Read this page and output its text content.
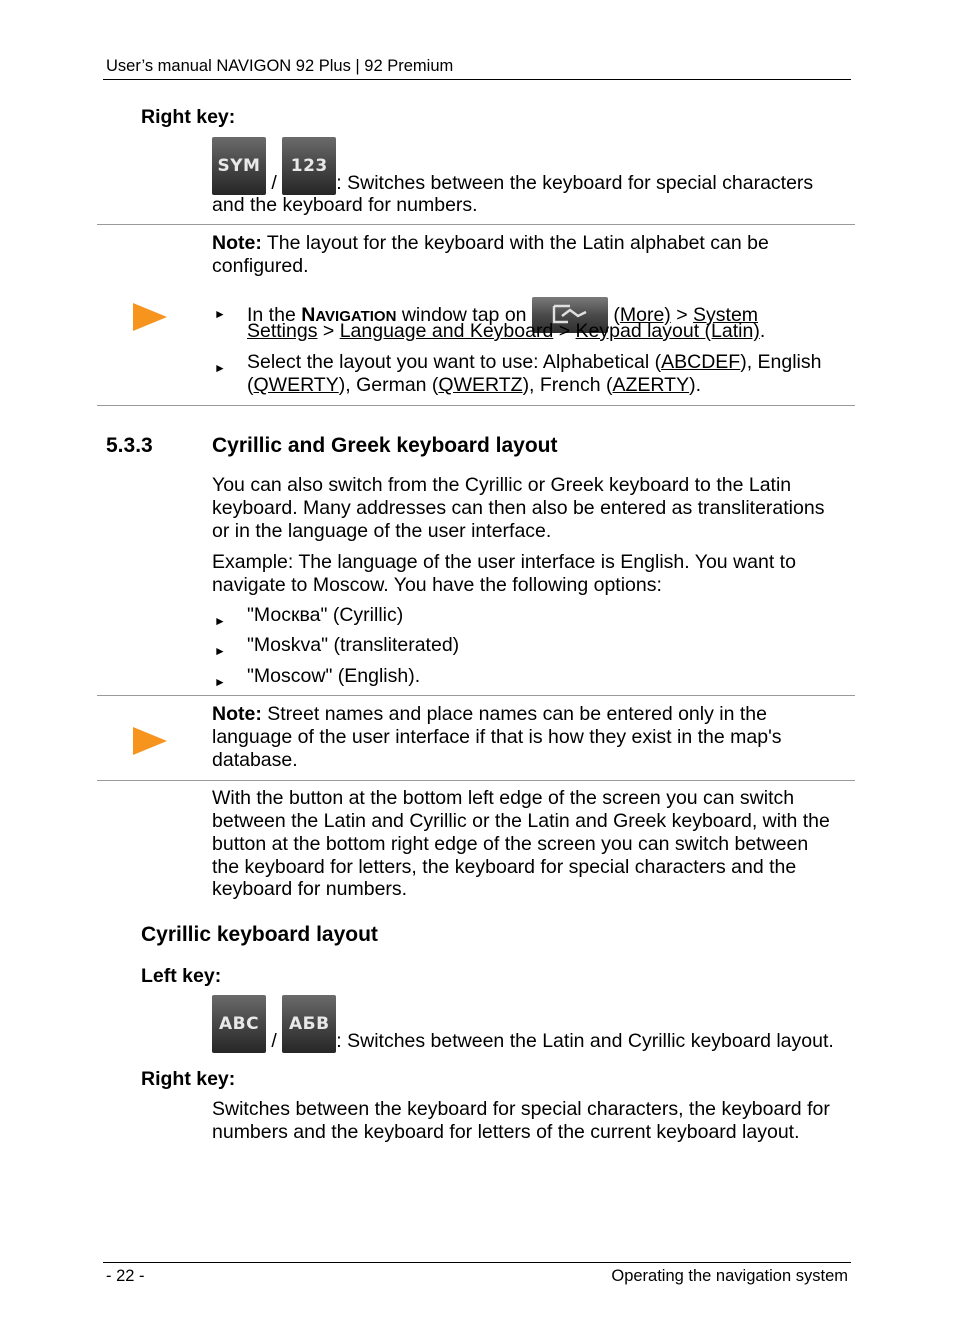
User’s manual NAVIGON 92 Plus | 92 Premium
Right key:
SYM / 123: Switches between the keyboard for special characters
and the keyboard for numbers.
Note: The layout for the keyboard with the Latin alphabet can be
configured.
► In the NAVIGATION window tap on	(More) > System
Settings > Language and Keyboard > Keypad layout (Latin).
► Select the layout you want to use: Alphabetical (ABCDEF), English
(QWERTY), German (QWERTZ), French (AZERTY).
5.3.3	Cyrillic and Greek keyboard layout
You can also switch from the Cyrillic or Greek keyboard to the Latin
keyboard. Many addresses can then also be entered as transliterations
or in the language of the user interface.
Example: The language of the user interface is English. You want to
navigate to Moscow. You have the following options:
► "Москва" (Cyrillic)
► "Moskva" (transliterated)
► "Moscow" (English).
Note: Street names and place names can be entered only in the
language of the user interface if that is how they exist in the map's
database.
With the button at the bottom left edge of the screen you can switch
between the Latin and Cyrillic or the Latin and Greek keyboard, with the
button at the bottom right edge of the screen you can switch between
the keyboard for letters, the keyboard for special characters and the
keyboard for numbers.
Cyrillic keyboard layout
Left key:
ABC / АБВ: Switches between the Latin and Cyrillic keyboard layout.
Right key:
Switches between the keyboard for special characters, the keyboard for
numbers and the keyboard for letters of the current keyboard layout.
- 22 -	Operating the navigation system
